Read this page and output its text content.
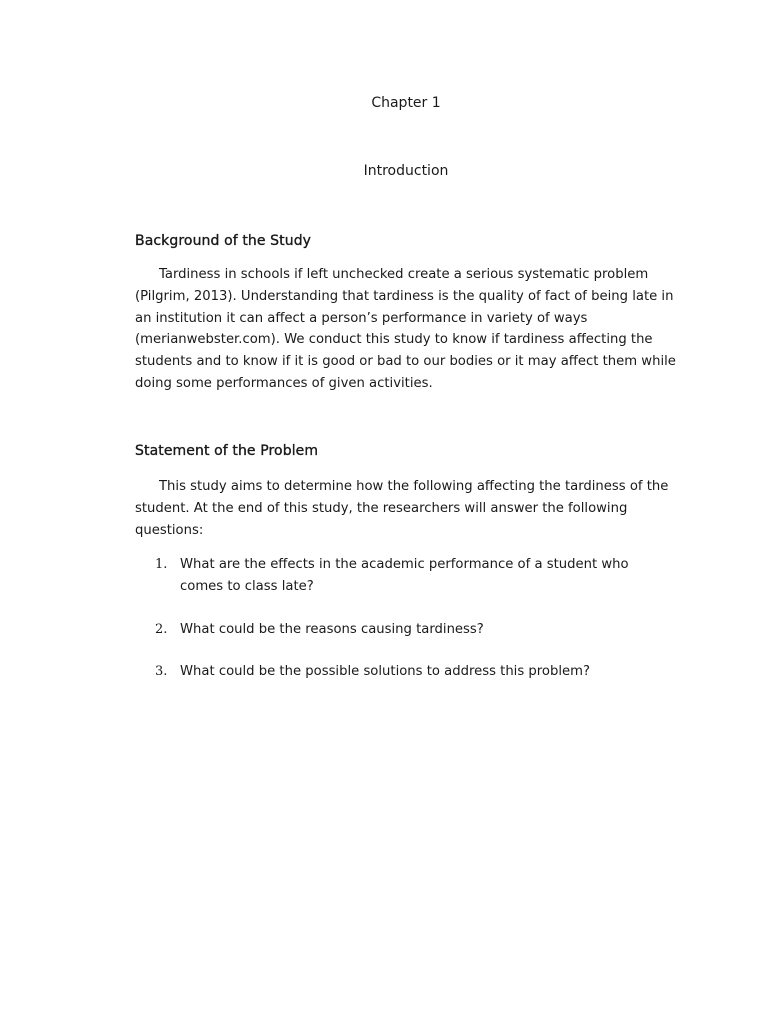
Chapter 1
Introduction
Background of the Study

Tardiness in schools if left unchecked create a serious systematic problem (Pilgrim, 2013). Understanding that tardiness is the quality of fact of being late in an institution it can affect a person’s performance in variety of ways (merianwebster.com). We conduct this study to know if tardiness affecting the students and to know if it is good or bad to our bodies or it may affect them while doing some performances of given activities.

Statement of the Problem

This study aims to determine how the following affecting the tardiness of the student. At the end of this study, the researchers will answer the following questions:

1. What are the effects in the academic performance of a student who comes to class late?
2. What could be the reasons causing tardiness?
3. What could be the possible solutions to address this problem?
